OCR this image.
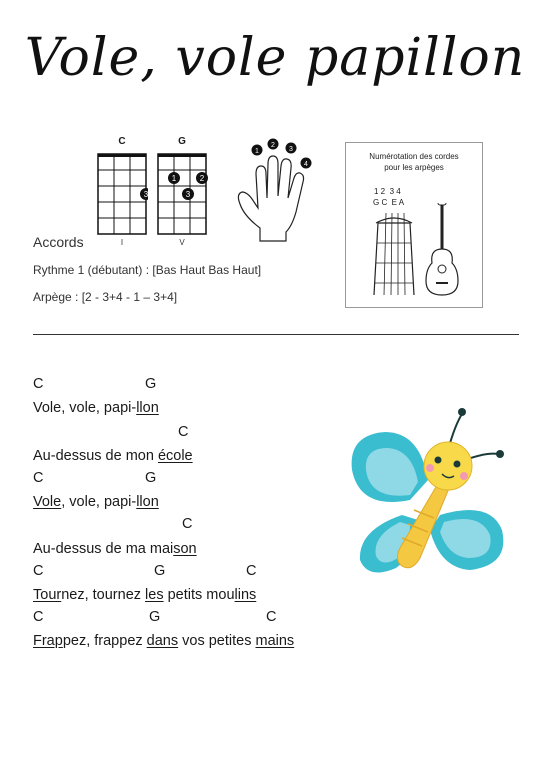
Vole, vole papillon
C
3
I
G
1	2
3
V
1
2
3
4
Numérotation des cordes
pour les arpèges
1 2  3 4
G C  E A
Accords
Rythme 1 (débutant) : [Bas Haut Bas Haut]
Arpège : [2 - 3+4 - 1 – 3+4]
C	G
Vole, vole, papi-llon
C
Au-dessus de mon école
C	G
Vole, vole, papi-llon
C
Au-dessus de ma maison
C	G	C
Tournez, tournez les petits moulins
C	G	C
Frappez, frappez dans vos petites mains
